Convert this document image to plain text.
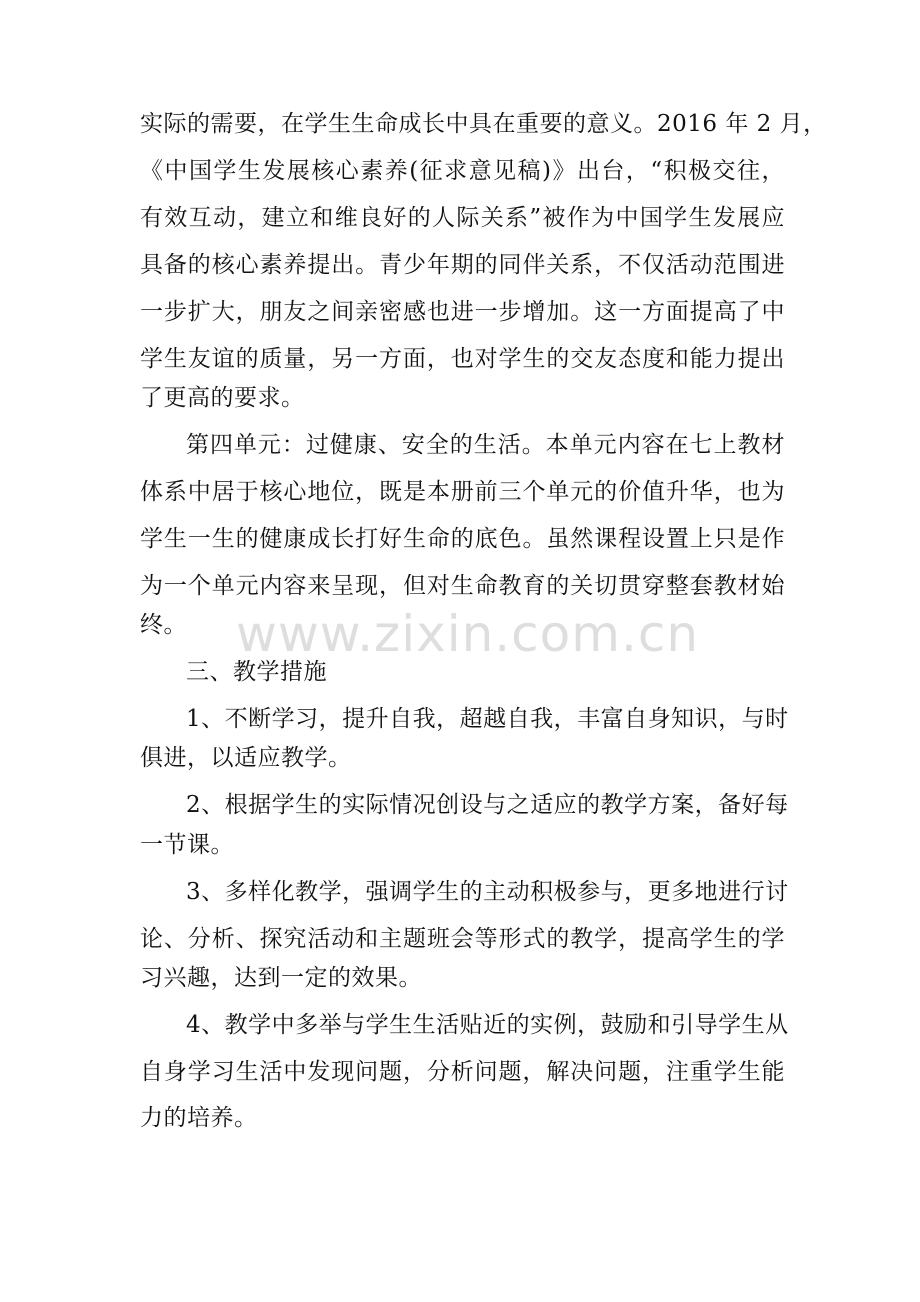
实际的需要，在学生生命成长中具在重要的意义。2016 年 2 月，
《中国学生发展核心素养(征求意见稿)》出台，“积极交往，
有效互动，建立和维良好的人际关系”被作为中国学生发展应
具备的核心素养提出。青少年期的同伴关系，不仅活动范围进
一步扩大，朋友之间亲密感也进一步增加。这一方面提高了中
学生友谊的质量，另一方面，也对学生的交友态度和能力提出
了更高的要求。
第四单元：过健康、安全的生活。本单元内容在七上教材
体系中居于核心地位，既是本册前三个单元的价值升华，也为
学生一生的健康成长打好生命的底色。虽然课程设置上只是作
为一个单元内容来呈现，但对生命教育的关切贯穿整套教材始
终。
三、教学措施
1、不断学习，提升自我，超越自我，丰富自身知识，与时
俱进，以适应教学。
2、根据学生的实际情况创设与之适应的教学方案，备好每
一节课。
3、多样化教学，强调学生的主动积极参与，更多地进行讨
论、分析、探究活动和主题班会等形式的教学，提高学生的学
习兴趣，达到一定的效果。
4、教学中多举与学生生活贴近的实例，鼓励和引导学生从
自身学习生活中发现问题，分析问题，解决问题，注重学生能
力的培养。
www.zixin.com.cn
